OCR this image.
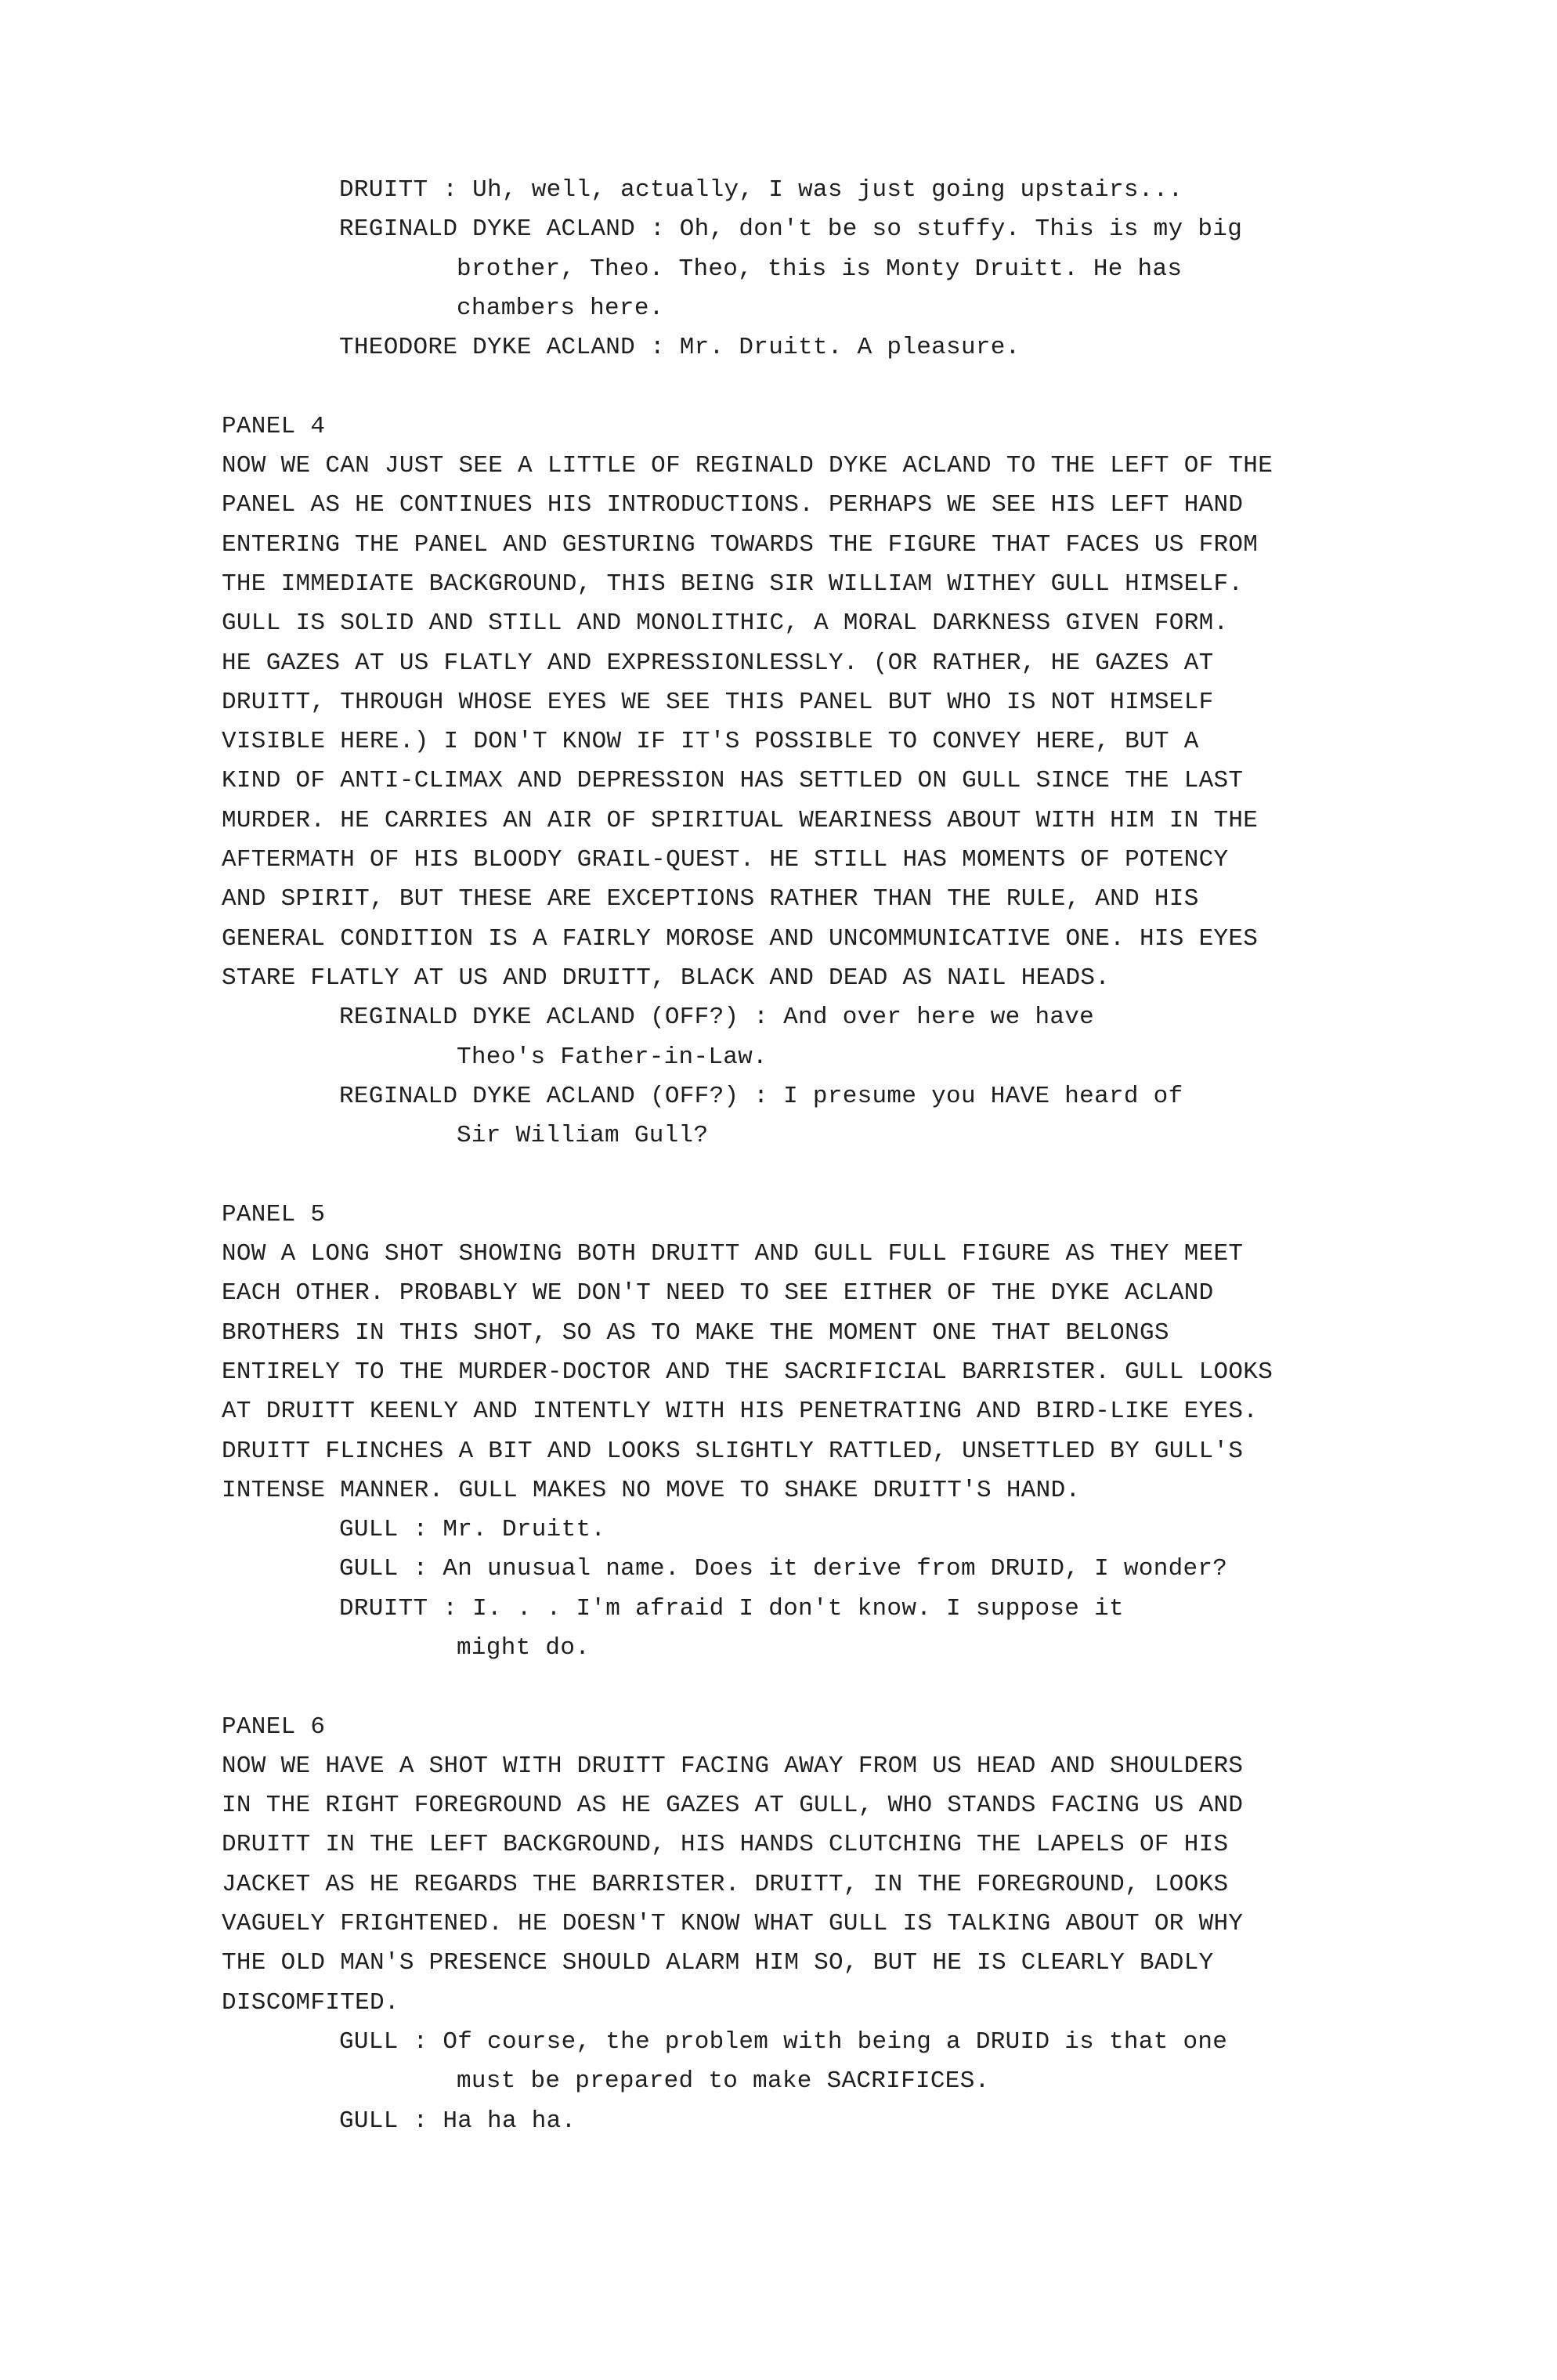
DRUITT : Uh, well, actually, I was just going upstairs...
REGINALD DYKE ACLAND : Oh, don't be so stuffy. This is my big
brother, Theo. Theo, this is Monty Druitt. He has
chambers here.
THEODORE DYKE ACLAND : Mr. Druitt. A pleasure.
PANEL 4
NOW WE CAN JUST SEE A LITTLE OF REGINALD DYKE ACLAND TO THE LEFT OF THE
PANEL AS HE CONTINUES HIS INTRODUCTIONS. PERHAPS WE SEE HIS LEFT HAND
ENTERING THE PANEL AND GESTURING TOWARDS THE FIGURE THAT FACES US FROM
THE IMMEDIATE BACKGROUND, THIS BEING SIR WILLIAM WITHEY GULL HIMSELF.
GULL IS SOLID AND STILL AND MONOLITHIC, A MORAL DARKNESS GIVEN FORM.
HE GAZES AT US FLATLY AND EXPRESSIONLESSLY. (OR RATHER, HE GAZES AT
DRUITT, THROUGH WHOSE EYES WE SEE THIS PANEL BUT WHO IS NOT HIMSELF
VISIBLE HERE.) I DON'T KNOW IF IT'S POSSIBLE TO CONVEY HERE, BUT A
KIND OF ANTI-CLIMAX AND DEPRESSION HAS SETTLED ON GULL SINCE THE LAST
MURDER. HE CARRIES AN AIR OF SPIRITUAL WEARINESS ABOUT WITH HIM IN THE
AFTERMATH OF HIS BLOODY GRAIL-QUEST. HE STILL HAS MOMENTS OF POTENCY
AND SPIRIT, BUT THESE ARE EXCEPTIONS RATHER THAN THE RULE, AND HIS
GENERAL CONDITION IS A FAIRLY MOROSE AND UNCOMMUNICATIVE ONE. HIS EYES
STARE FLATLY AT US AND DRUITT, BLACK AND DEAD AS NAIL HEADS.
REGINALD DYKE ACLAND (OFF?) : And over here we have
Theo's Father-in-Law.
REGINALD DYKE ACLAND (OFF?) : I presume you HAVE heard of
Sir William Gull?
PANEL 5
NOW A LONG SHOT SHOWING BOTH DRUITT AND GULL FULL FIGURE AS THEY MEET
EACH OTHER. PROBABLY WE DON'T NEED TO SEE EITHER OF THE DYKE ACLAND
BROTHERS IN THIS SHOT, SO AS TO MAKE THE MOMENT ONE THAT BELONGS
ENTIRELY TO THE MURDER-DOCTOR AND THE SACRIFICIAL BARRISTER. GULL LOOKS
AT DRUITT KEENLY AND INTENTLY WITH HIS PENETRATING AND BIRD-LIKE EYES.
DRUITT FLINCHES A BIT AND LOOKS SLIGHTLY RATTLED, UNSETTLED BY GULL'S
INTENSE MANNER. GULL MAKES NO MOVE TO SHAKE DRUITT'S HAND.
GULL : Mr. Druitt.
GULL : An unusual name. Does it derive from DRUID, I wonder?
DRUITT : I. . . I'm afraid I don't know. I suppose it
might do.
PANEL 6
NOW WE HAVE A SHOT WITH DRUITT FACING AWAY FROM US HEAD AND SHOULDERS
IN THE RIGHT FOREGROUND AS HE GAZES AT GULL, WHO STANDS FACING US AND
DRUITT IN THE LEFT BACKGROUND, HIS HANDS CLUTCHING THE LAPELS OF HIS
JACKET AS HE REGARDS THE BARRISTER. DRUITT, IN THE FOREGROUND, LOOKS
VAGUELY FRIGHTENED. HE DOESN'T KNOW WHAT GULL IS TALKING ABOUT OR WHY
THE OLD MAN'S PRESENCE SHOULD ALARM HIM SO, BUT HE IS CLEARLY BADLY
DISCOMFITED.
GULL : Of course, the problem with being a DRUID is that one
must be prepared to make SACRIFICES.
GULL : Ha ha ha.
